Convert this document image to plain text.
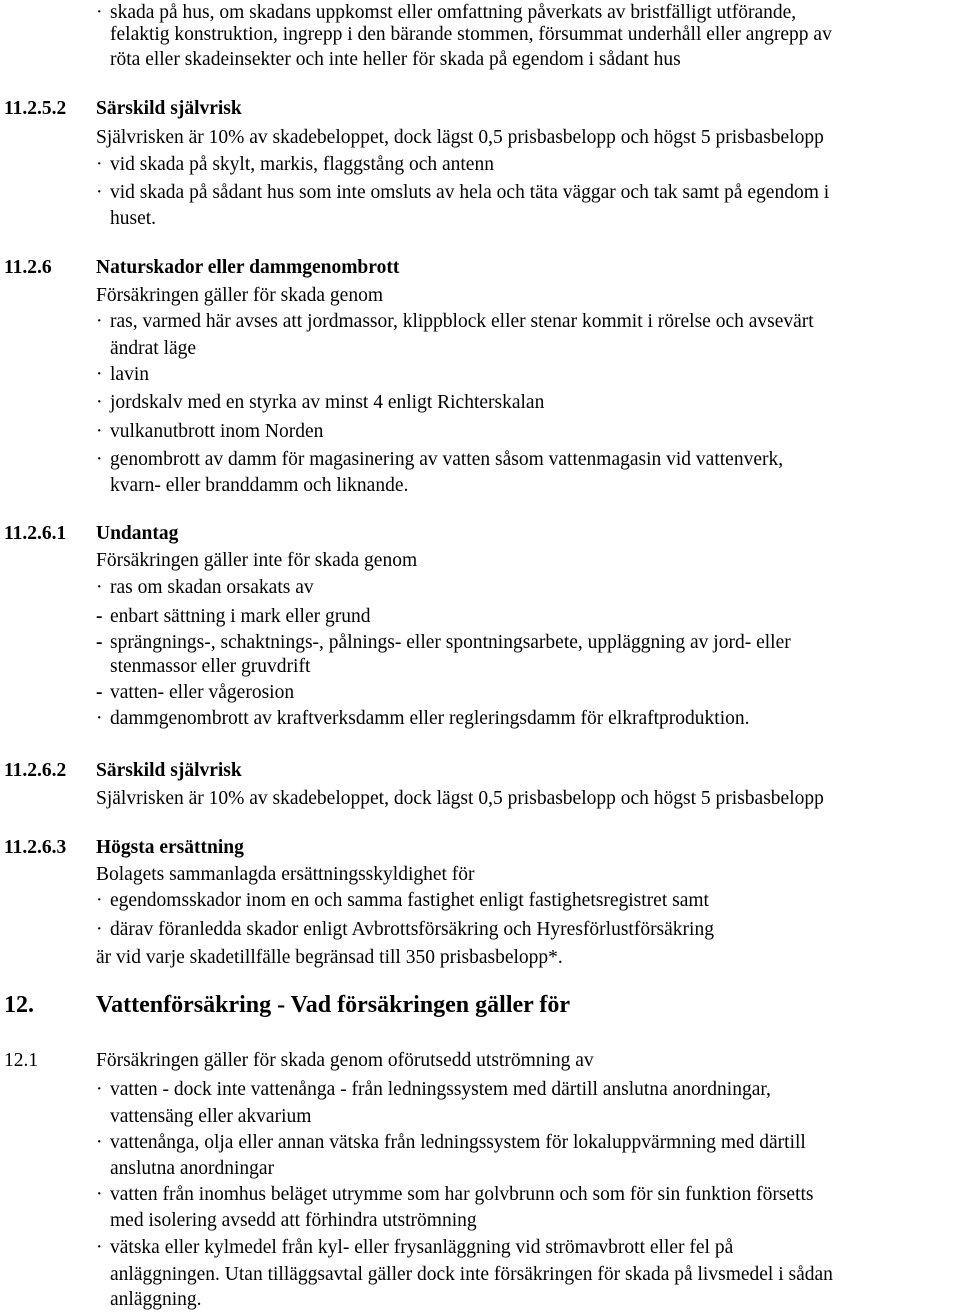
· skada på hus, om skadans uppkomst eller omfattning påverkats av bristfälligt utförande,
felaktig konstruktion, ingrepp i den bärande stommen, försummat underhåll eller angrepp av
röta eller skadeinsekter och inte heller för skada på egendom i sådant hus
11.2.5.2 Särskild självrisk
Självrisken är 10% av skadebeloppet, dock lägst 0,5 prisbasbelopp och högst 5 prisbasbelopp
· vid skada på skylt, markis, flaggstång och antenn
· vid skada på sådant hus som inte omsluts av hela och täta väggar och tak samt på egendom i
huset.
11.2.6 Naturskador eller dammgenombrott
Försäkringen gäller för skada genom
· ras, varmed här avses att jordmassor, klippblock eller stenar kommit i rörelse och avsevärt
ändrat läge
· lavin
· jordskalv med en styrka av minst 4 enligt Richterskalan
· vulkanutbrott inom Norden
· genombrott av damm för magasinering av vatten såsom vattenmagasin vid vattenverk,
kvarn- eller branddamm och liknande.
11.2.6.1 Undantag
Försäkringen gäller inte för skada genom
· ras om skadan orsakats av
- enbart sättning i mark eller grund
- sprängnings-, schaktnings-, pålnings- eller spontningsarbete, uppläggning av jord- eller
stenmassor eller gruvdrift
- vatten- eller vågerosion
· dammgenombrott av kraftverksdamm eller regleringsdamm för elkraftproduktion.
11.2.6.2 Särskild självrisk
Självrisken är 10% av skadebeloppet, dock lägst 0,5 prisbasbelopp och högst 5 prisbasbelopp
11.2.6.3 Högsta ersättning
Bolagets sammanlagda ersättningsskyldighet för
· egendomsskador inom en och samma fastighet enligt fastighetsregistret samt
· därav föranledda skador enligt Avbrottsförsäkring och Hyresförlustförsäkring
är vid varje skadetillfälle begränsad till 350 prisbasbelopp*.
12.	Vattenförsäkring - Vad försäkringen gäller för
12.1	Försäkringen gäller för skada genom oförutsedd utströmning av
· vatten - dock inte vattenånga - från ledningssystem med därtill anslutna anordningar,
vattensäng eller akvarium
· vattenånga, olja eller annan vätska från ledningssystem för lokaluppvärmning med därtill
anslutna anordningar
· vatten från inomhus beläget utrymme som har golvbrunn och som för sin funktion försetts
med isolering avsedd att förhindra utströmning
· vätska eller kylmedel från kyl- eller frysanläggning vid strömavbrott eller fel på
anläggningen. Utan tilläggsavtal gäller dock inte försäkringen för skada på livsmedel i sådan
anläggning.
